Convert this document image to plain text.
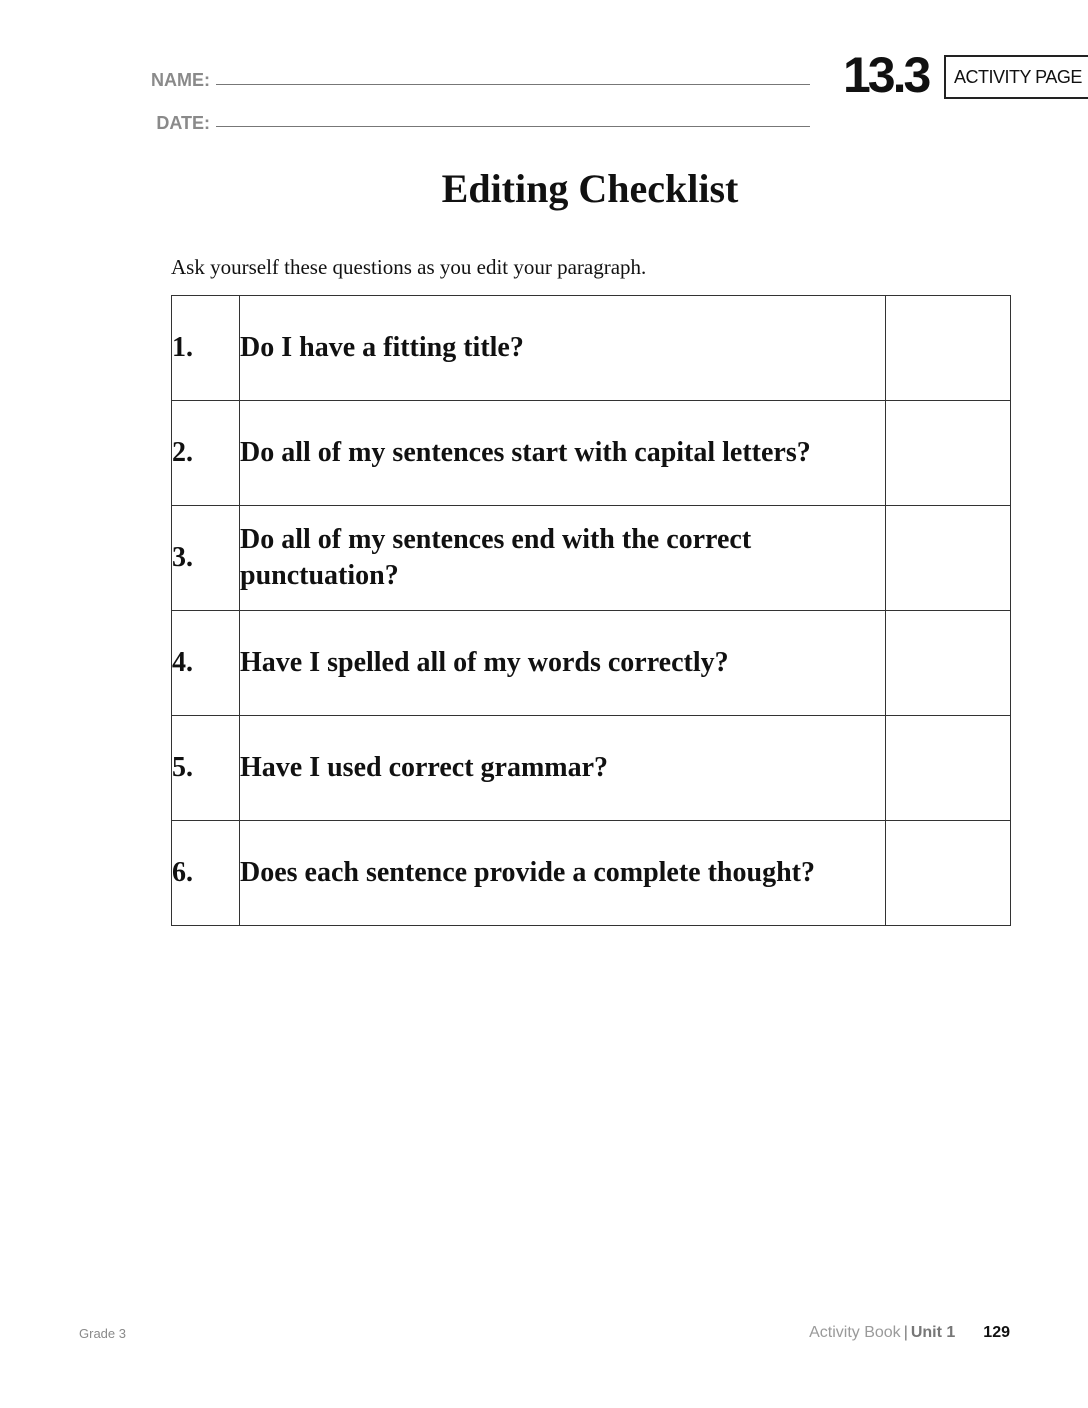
NAME:
DATE:
13.3 ACTIVITY PAGE
Editing Checklist
Ask yourself these questions as you edit your paragraph.
1.	Do I have a fitting title?	
2.	Do all of my sentences start with capital letters?	
3.	Do all of my sentences end with the correct punctuation?	
4.	Have I spelled all of my words correctly?	
5.	Have I used correct grammar?	
6.	Does each sentence provide a complete thought?	
Grade 3	Activity Book | Unit 1 129
